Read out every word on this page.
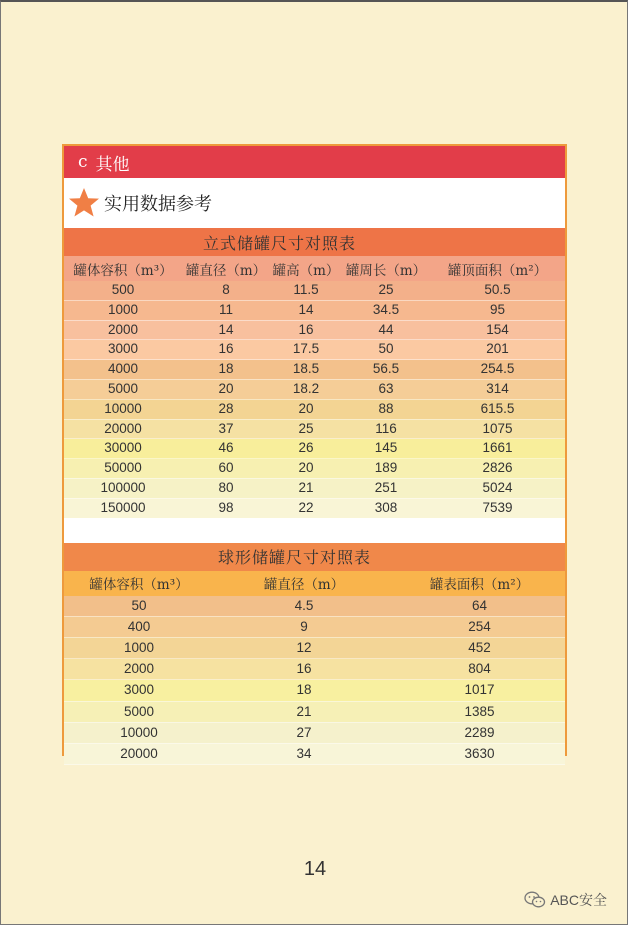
c 其他
实用数据参考
立式储罐尺寸对照表
罐体容积（m³）	罐直径（m）	罐高（m）	罐周长（m）	罐顶面积（m²）
500	8	11.5	25	50.5
1000	11	14	34.5	95
2000	14	16	44	154
3000	16	17.5	50	201
4000	18	18.5	56.5	254.5
5000	20	18.2	63	314
10000	28	20	88	615.5
20000	37	25	116	1075
30000	46	26	145	1661
50000	60	20	189	2826
100000	80	21	251	5024
150000	98	22	308	7539
球形储罐尺寸对照表
罐体容积（m³）	罐直径（m）	罐表面积（m²）
50	4.5	64
400	9	254
1000	12	452
2000	16	804
3000	18	1017
5000	21	1385
10000	27	2289
20000	34	3630
14
ABC安全
